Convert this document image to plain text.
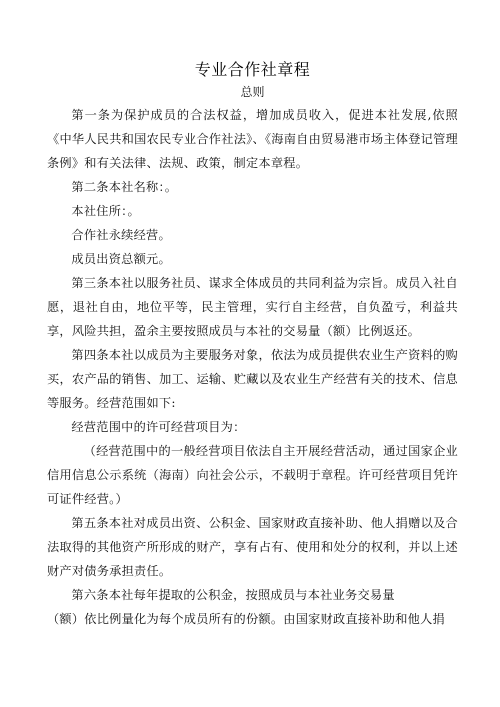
专业合作社章程
总则

第一条为保护成员的合法权益，增加成员收入，促进本社发展,依照《中华人民共和国农民专业合作社法》、《海南自由贸易港市场主体登记管理条例》和有关法律、法规、政策，制定本章程。

第二条本社名称：。

本社住所：。

合作社永续经营。

成员出资总额元。

第三条本社以服务社员、谋求全体成员的共同利益为宗旨。成员入社自愿，退社自由，地位平等，民主管理，实行自主经营，自负盈亏，利益共享，风险共担，盈余主要按照成员与本社的交易量（额）比例返还。

第四条本社以成员为主要服务对象，依法为成员提供农业生产资料的购买，农产品的销售、加工、运输、贮藏以及农业生产经营有关的技术、信息等服务。经营范围如下:

经营范围中的许可经营项目为：

（经营范围中的一般经营项目依法自主开展经营活动，通过国家企业信用信息公示系统（海南）向社会公示，不载明于章程。许可经营项目凭许可证件经营。）

第五条本社对成员出资、公积金、国家财政直接补助、他人捐赠以及合法取得的其他资产所形成的财产，享有占有、使用和处分的权利，并以上述财产对债务承担责任。

第六条本社每年提取的公积金，按照成员与本社业务交易量

（额）依比例量化为每个成员所有的份额。由国家财政直接补助和他人捐
